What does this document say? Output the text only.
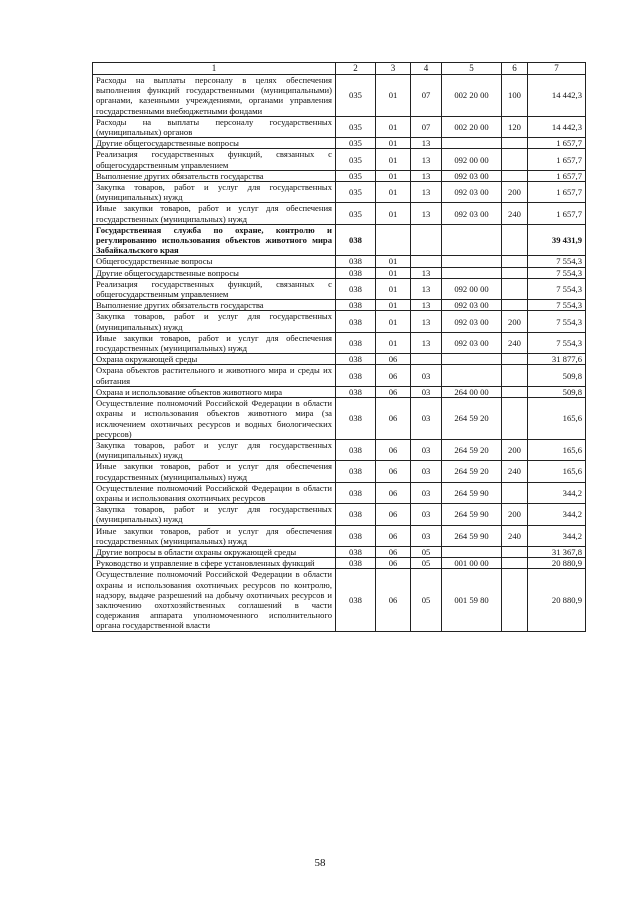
1	2	3	4	5	6	7
Расходы на выплаты персоналу в целях обеспечения выполнения функций государственными (муниципальными) органами, казенными учреждениями, органами управления государственными внебюджетными фондами	035	01	07	002 20 00	100	14 442,3
Расходы на выплаты персоналу государственных (муниципальных) органов	035	01	07	002 20 00	120	14 442,3
Другие общегосударственные вопросы	035	01	13			1 657,7
Реализация государственных функций, связанных с общегосударственным управлением	035	01	13	092 00 00		1 657,7
Выполнение других обязательств государства	035	01	13	092 03 00		1 657,7
Закупка товаров, работ и услуг для государственных (муниципальных) нужд	035	01	13	092 03 00	200	1 657,7
Иные закупки товаров, работ и услуг для обеспечения государственных (муниципальных) нужд	035	01	13	092 03 00	240	1 657,7
Государственная служба по охране, контролю и регулированию использования объектов животного мира Забайкальского края	038					39 431,9
Общегосударственные вопросы	038	01				7 554,3
Другие общегосударственные вопросы	038	01	13			7 554,3
Реализация государственных функций, связанных с общегосударственным управлением	038	01	13	092 00 00		7 554,3
Выполнение других обязательств государства	038	01	13	092 03 00		7 554,3
Закупка товаров, работ и услуг для государственных (муниципальных) нужд	038	01	13	092 03 00	200	7 554,3
Иные закупки товаров, работ и услуг для обеспечения государственных (муниципальных) нужд	038	01	13	092 03 00	240	7 554,3
Охрана окружающей среды	038	06				31 877,6
Охрана объектов растительного и животного мира и среды их обитания	038	06	03			509,8
Охрана и использование объектов животного мира	038	06	03	264 00 00		509,8
Осуществление полномочий Российской Федерации в области охраны и использования объектов животного мира (за исключением охотничьих ресурсов и водных биологических ресурсов)	038	06	03	264 59 20		165,6
Закупка товаров, работ и услуг для государственных (муниципальных) нужд	038	06	03	264 59 20	200	165,6
Иные закупки товаров, работ и услуг для обеспечения государственных (муниципальных) нужд	038	06	03	264 59 20	240	165,6
Осуществление полномочий Российской Федерации в области охраны и использования охотничьих ресурсов	038	06	03	264 59 90		344,2
Закупка товаров, работ и услуг для государственных (муниципальных) нужд	038	06	03	264 59 90	200	344,2
Иные закупки товаров, работ и услуг для обеспечения государственных (муниципальных) нужд	038	06	03	264 59 90	240	344,2
Другие вопросы в области охраны окружающей среды	038	06	05			31 367,8
Руководство и управление в сфере установленных функций	038	06	05	001 00 00		20 880,9
Осуществление полномочий Российской Федерации в области охраны и использования охотничьих ресурсов по контролю, надзору, выдаче разрешений на добычу охотничьих ресурсов и заключению охотхозяйственных соглашений в части содержания аппарата уполномоченного исполнительного органа государственной власти	038	06	05	001 59 80		20 880,9
58
